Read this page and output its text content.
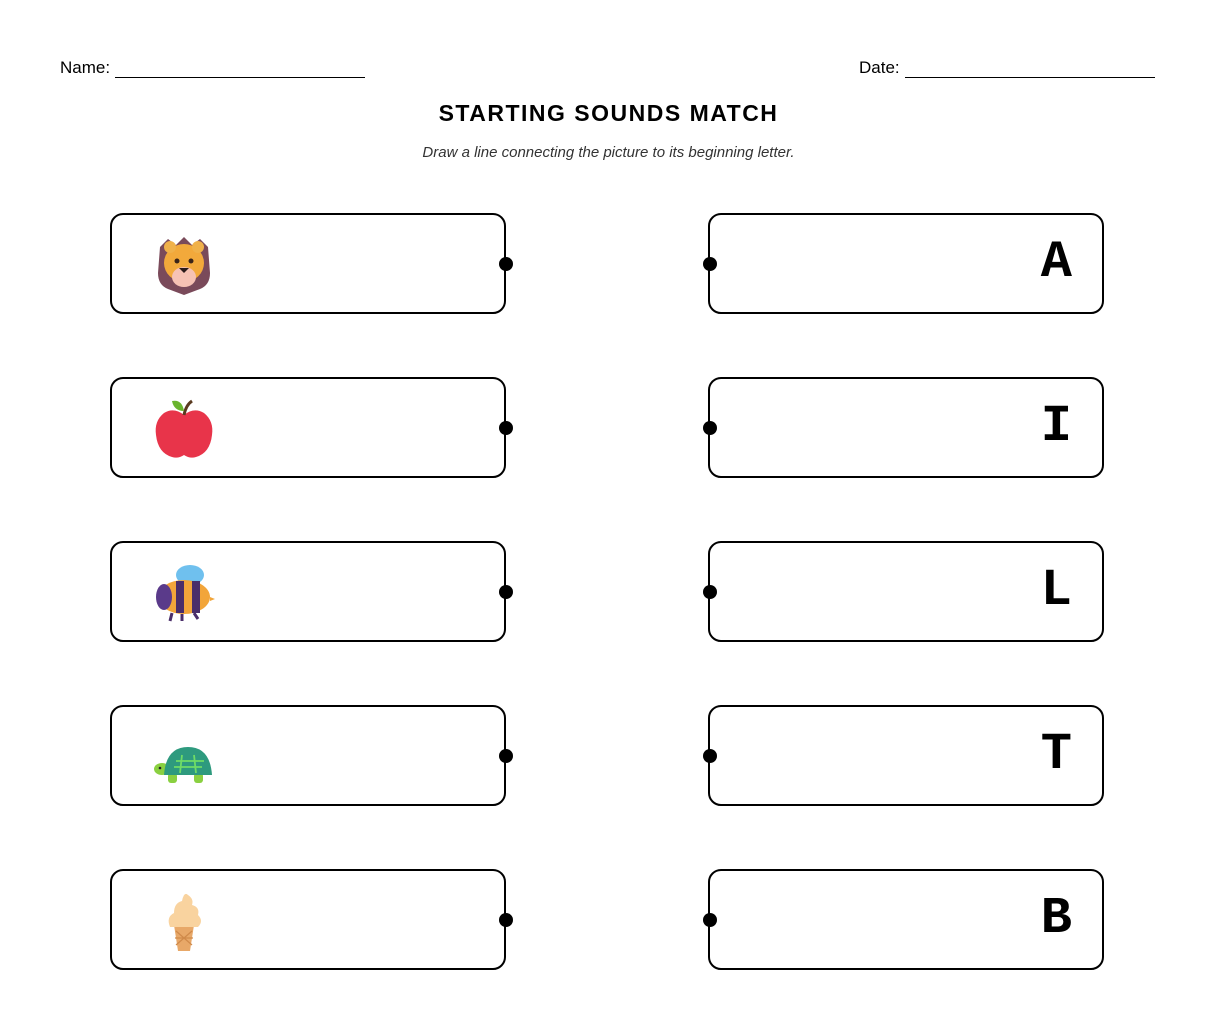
Name:	Date:
STARTING SOUNDS MATCH
Draw a line connecting the picture to its beginning letter.
A
I
L
T
B
